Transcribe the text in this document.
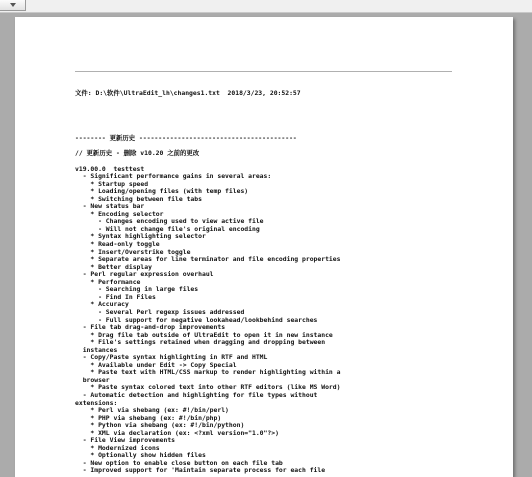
文件: D:\软件\UltraEdit_lh\changes1.txt  2018/3/23, 20:52:57

-------- 更新历史 -----------------------------------------
// 更新历史 - 删除 v10.20 之前的更改
v19.00.0  testtest
- Significant performance gains in several areas:
* Startup speed
* Loading/opening files (with temp files)
* Switching between file tabs
- New status bar
* Encoding selector
- Changes encoding used to view active file
- Will not change file's original encoding
* Syntax highlighting selector
* Read-only toggle
* Insert/Overstrike toggle
* Separate areas for line terminator and file encoding properties
* Better display
- Perl regular expression overhaul
* Performance
- Searching in large files
- Find In Files
* Accuracy
- Several Perl regexp issues addressed
- Full support for negative lookahead/lookbehind searches
- File tab drag-and-drop improvements
* Drag file tab outside of UltraEdit to open it in new instance
* File's settings retained when dragging and dropping between
instances
- Copy/Paste syntax highlighting in RTF and HTML
* Available under Edit -> Copy Special
* Paste text with HTML/CSS markup to render highlighting within a
browser
* Paste syntax colored text into other RTF editors (like MS Word)
- Automatic detection and highlighting for file types without
extensions:
* Perl via shebang (ex: #!/bin/perl)
* PHP via shebang (ex: #!/bin/php)
* Python via shebang (ex: #!/bin/python)
* XML via declaration (ex: <?xml version="1.0"?>)
- File View improvements
* Modernized icons
* Optionally show hidden files
- New option to enable close button on each file tab
- Improved support for 'Maintain separate process for each file
